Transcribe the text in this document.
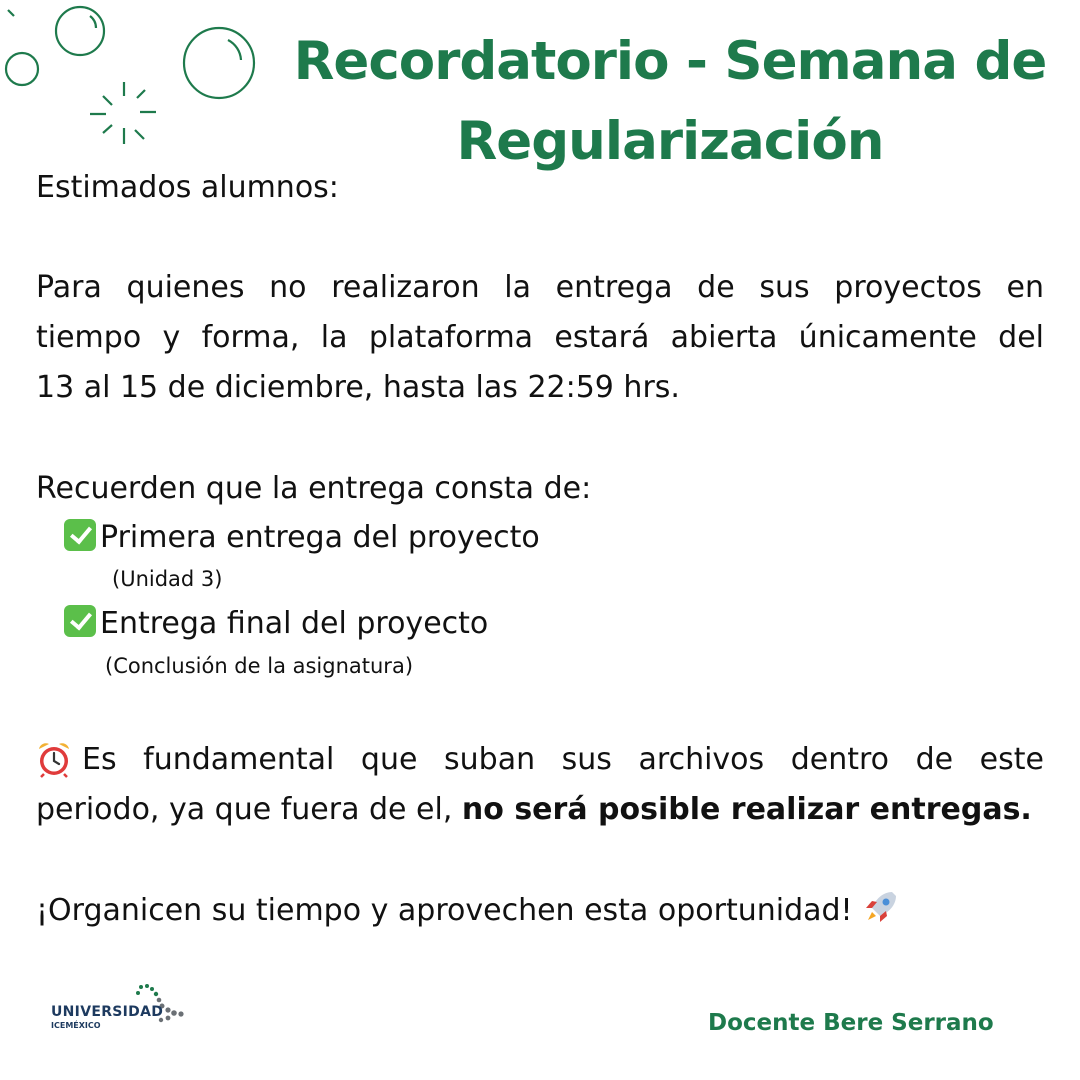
Recordatorio - Semana de Regularización
Estimados alumnos:
Para quienes no realizaron la entrega de sus proyectos en
tiempo y forma, la plataforma estará abierta únicamente del
13 al 15 de diciembre, hasta las 22:59 hrs.
Recuerden que la entrega consta de:
Primera entrega del proyecto
(Unidad 3)
Entrega final del proyecto
(Conclusión de la asignatura)
Es fundamental que suban sus archivos dentro de este
periodo, ya que fuera de el, no será posible realizar entregas.
¡Organicen su tiempo y aprovechen esta oportunidad!
UNIVERSIDAD
ICEMÉXICO	Docente Bere Serrano
